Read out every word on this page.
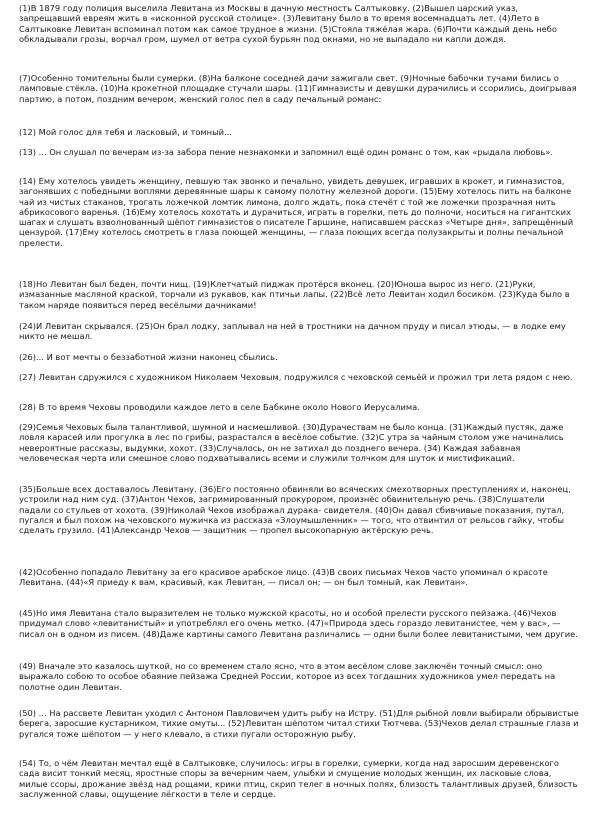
(1)В 1879 году полиция выселила Левитана из Москвы в дачную местность Салтыковку. (2)Вышел царский указ, запрещавший евреям жить в «исконной русской столице». (3)Левитану было в то время восемнадцать лет. (4)Лето в Салтыковке Левитан вспоминал потом как самое трудное в жизни. (5)Стояла тяжёлая жара. (6)Почти каждый день небо обкладывали грозы, ворчал гром, шумел от ветра сухой бурьян под окнами, но не выпадало ни капли дождя.

(7)Особенно томительны были сумерки. (8)На балконе соседней дачи зажигали свет. (9)Ночные бабочки тучами бились о ламповые стёкла. (10)На крокетной площадке стучали шары. (11)Гимназисты и девушки дурачились и ссорились, доигрывая партию, а потом, поздним вечером, женский голос пел в саду печальный романс:

(12) Мой голос для тебя и ласковый, и томный...

(13) ... Он слушал по вечерам из-за забора пение незнакомки и запомнил ещё один романс о том, как «рыдала любовь».

(14) Ему хотелось увидеть женщину, певшую так звонко и печально, увидеть девушек, игравших в крокет, и гимназистов, загонявших с победными воплями деревянные шары к самому полотну железной дороги. (15)Ему хотелось пить на балконе чай из чистых стаканов, трогать ложечкой ломтик лимона, долго ждать, пока стечёт с той же ложечки прозрачная нить абрикосового варенья. (16)Ему хотелось хохотать и дурачиться, играть в горелки, петь до полночи, носиться на гигантских шагах и слушать взволнованный шёпот гимназистов о писателе Гаршине, написавшем рассказ «Четыре дня», запрещённый цензурой. (17)Ему хотелось смотреть в глаза поющей женщины, — глаза поющих всегда полузакрыты и полны печальной прелести.

(18)Но Левитан был беден, почти нищ. (19)Клетчатый пиджак протёрся вконец. (20)Юноша вырос из него. (21)Руки, измазанные масляной краской, торчали из рукавов, как птичьи лапы. (22)Всё лето Левитан ходил босиком. (23)Куда было в таком наряде появиться перед весёлыми дачниками!

(24)И Левитан скрывался. (25)Он брал лодку, заплывал на ней в тростники на дачном пруду и писал этюды, — в лодке ему никто не мешал.

(26)... И вот мечты о беззаботной жизни наконец сбылись.

(27) Левитан сдружился с художником Николаем Чеховым, подружился с чеховской семьёй и прожил три лета рядом с нею.

(28) В то время Чеховы проводили каждое лето в селе Бабкине около Нового Иерусалима.

(29)Семья Чеховых была талантливой, шумной и насмешливой. (30)Дурачествам не было конца. (31)Каждый пустяк, даже ловля карасей или прогулка в лес по грибы, разрастался в весёлое событие. (32)С утра за чайным столом уже начинались невероятные рассказы, выдумки, хохот. (33)Случалось, он не затихал до позднего вечера. (34) Каждая забавная человеческая черта или смешное слово подхватывались всеми и служили толчком для шуток и мистификаций.

(35)Больше всех доставалось Левитану. (36)Его постоянно обвиняли во всяческих смехотворных преступлениях и, наконец, устроили над ним суд. (37)Антон Чехов, загримированный прокурором, произнёс обвинительную речь. (38)Слушатели падали со стульев от хохота. (39)Николай Чехов изображал дурака- свидетеля. (40)Он давал сбивчивые показания, путал, пугался и был похож на чеховского мужичка из рассказа «Злоумышленник» — того, что отвинтил от рельсов гайку, чтобы сделать грузило. (41)Александр Чехов — защитник — пропел высокопарную актёрскую речь.

(42)Особенно попадало Левитану за его красивое арабское лицо. (43)В своих письмах Чехов часто упоминал о красоте Левитана. (44)«Я приеду к вам, красивый, как Левитан, — писал он; — он был томный, как Левитан».

(45)Но имя Левитана стало выразителем не только мужской красоты, но и особой прелести русского пейзажа. (46)Чехов придумал слово «левитанистый» и употреблял его очень метко. (47)«Природа здесь гораздо левитанистее, чем у вас», — писал он в одном из писем. (48)Даже картины самого Левитана различались — одни были более левитанистыми, чем другие.

(49) Вначале это казалось шуткой, но со временем стало ясно, что в этом весёлом слове заключён точный смысл: оно выражало собою то особое обаяние пейзажа Средней России, которое из всех тогдашних художников умел передать на полотне один Левитан.

(50) ... На рассвете Левитан уходил с Антоном Павловичем удить рыбу на Истру. (51)Для рыбной ловли выбирали обрывистые берега, заросшие кустарником, тихие омуты... (52)Левитан шёпотом читал стихи Тютчева. (53)Чехов делал страшные глаза и ругался тоже шёпотом — у него клевало, а стихи пугали осторожную рыбу.

(54) То, о чём Левитан мечтал ещё в Салтыковке, случилось: игры в горелки, сумерки, когда над заросшим деревенского сада висит тонкий месяц, яростные споры за вечерним чаем, улыбки и смущение молодых женщин, их ласковые слова, милые ссоры, дрожание звёзд над рощами, крики птиц, скрип телег в ночных полях, близость талантливых друзей, близость заслуженной славы, ощущение лёгкости в теле и сердце.
